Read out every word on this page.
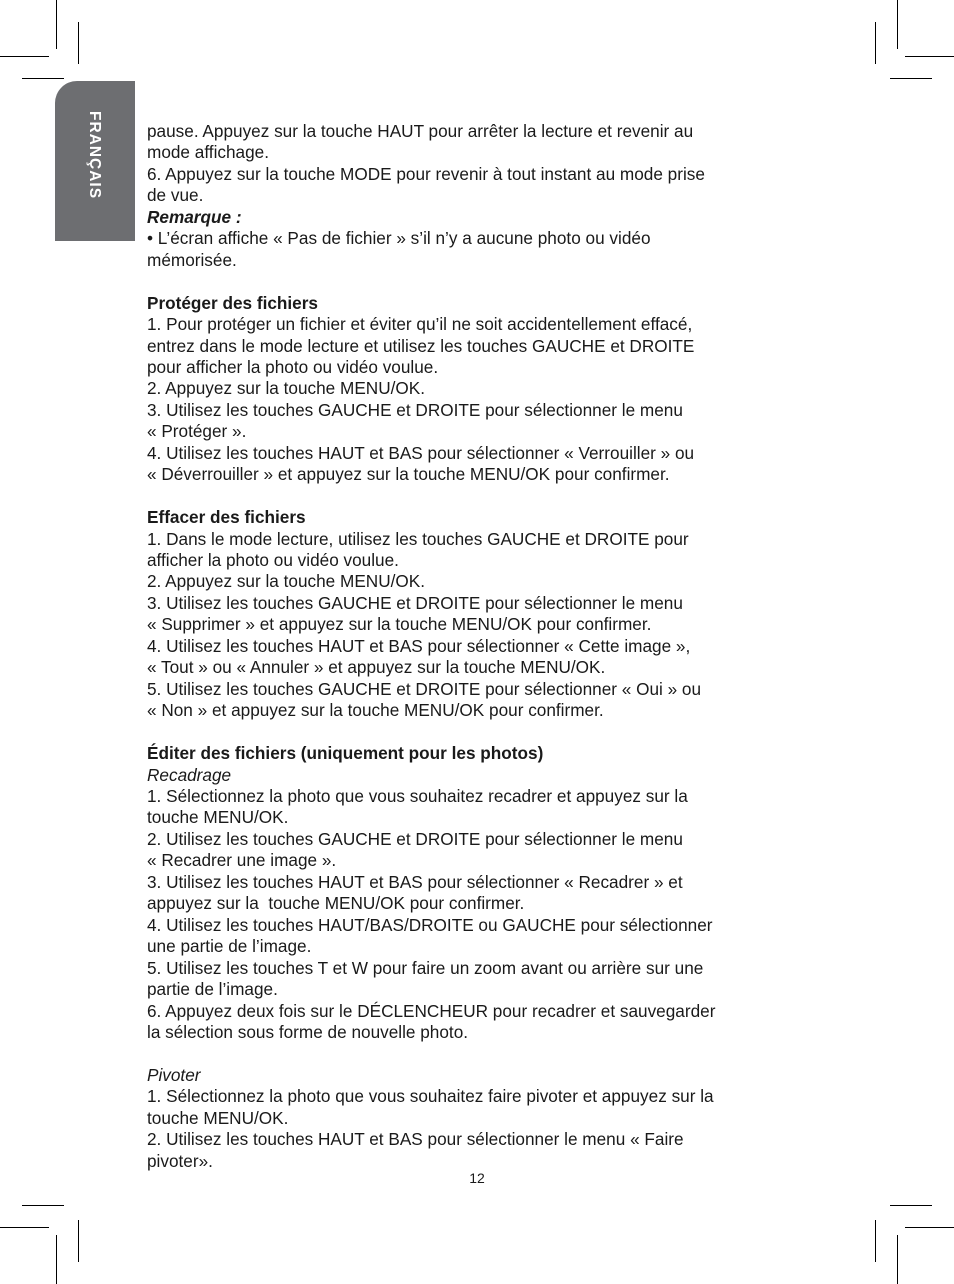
FRANÇAIS	pause. Appuyez sur la touche HAUT pour arrêter la lecture et revenir au

mode affichage.

6. Appuyez sur la touche MODE pour revenir à tout instant au mode prise

de vue.

Remarque :

• L’écran affiche « Pas de fichier » s’il n’y a aucune photo ou vidéo

mémorisée.

Protéger des fichiers

1. Pour protéger un fichier et éviter qu’il ne soit accidentellement effacé,

entrez dans le mode lecture et utilisez les touches GAUCHE et DROITE

pour afficher la photo ou vidéo voulue.

2. Appuyez sur la touche MENU/OK.

3. Utilisez les touches GAUCHE et DROITE pour sélectionner le menu

« Protéger ».

4. Utilisez les touches HAUT et BAS pour sélectionner « Verrouiller » ou

« Déverrouiller » et appuyez sur la touche MENU/OK pour confirmer.

Effacer des fichiers

1. Dans le mode lecture, utilisez les touches GAUCHE et DROITE pour

afficher la photo ou vidéo voulue.

2. Appuyez sur la touche MENU/OK.

3. Utilisez les touches GAUCHE et DROITE pour sélectionner le menu

« Supprimer » et appuyez sur la touche MENU/OK pour confirmer.

4. Utilisez les touches HAUT et BAS pour sélectionner « Cette image »,

« Tout » ou « Annuler » et appuyez sur la touche MENU/OK.

5. Utilisez les touches GAUCHE et DROITE pour sélectionner « Oui » ou

« Non » et appuyez sur la touche MENU/OK pour confirmer.

Éditer des fichiers (uniquement pour les photos)

Recadrage

1. Sélectionnez la photo que vous souhaitez recadrer et appuyez sur la

touche MENU/OK.

2. Utilisez les touches GAUCHE et DROITE pour sélectionner le menu

« Recadrer une image ».

3. Utilisez les touches HAUT et BAS pour sélectionner « Recadrer » et

appuyez sur la  touche MENU/OK pour confirmer.

4. Utilisez les touches HAUT/BAS/DROITE ou GAUCHE pour sélectionner

une partie de l’image.

5. Utilisez les touches T et W pour faire un zoom avant ou arrière sur une

partie de l’image.

6. Appuyez deux fois sur le DÉCLENCHEUR pour recadrer et sauvegarder

la sélection sous forme de nouvelle photo.

Pivoter

1. Sélectionnez la photo que vous souhaitez faire pivoter et appuyez sur la

touche MENU/OK.

2. Utilisez les touches HAUT et BAS pour sélectionner le menu « Faire

pivoter».

12
